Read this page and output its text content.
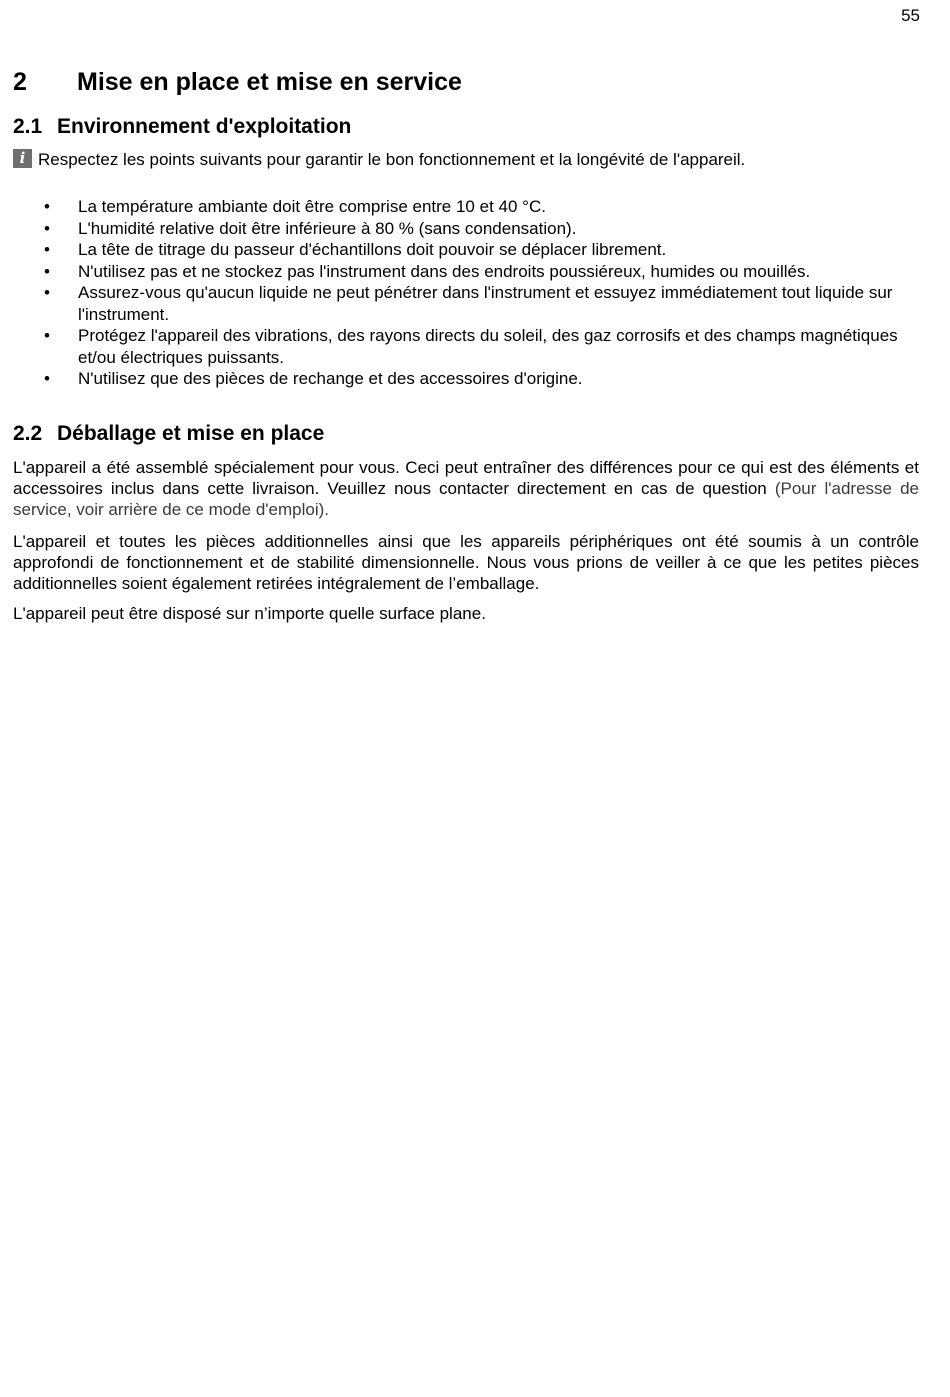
55
2 Mise en place et mise en service
2.1 Environnement d'exploitation
i Respectez les points suivants pour garantir le bon fonctionnement et la longévité de l'appareil.
• La température ambiante doit être comprise entre 10 et 40 °C.
• L'humidité relative doit être inférieure à 80 % (sans condensation).
• La tête de titrage du passeur d'échantillons doit pouvoir se déplacer librement.
• N'utilisez pas et ne stockez pas l'instrument dans des endroits poussiéreux, humides ou mouillés.
• Assurez-vous qu'aucun liquide ne peut pénétrer dans l'instrument et essuyez immédiatement tout liquide sur l'instrument.
• Protégez l'appareil des vibrations, des rayons directs du soleil, des gaz corrosifs et des champs magnétiques et/ou électriques puissants.
• N'utilisez que des pièces de rechange et des accessoires d'origine.
2.2 Déballage et mise en place

L'appareil a été assemblé spécialement pour vous. Ceci peut entraîner des différences pour ce qui est des éléments et accessoires inclus dans cette livraison. Veuillez nous contacter directement en cas de question (Pour l'adresse de service, voir arrière de ce mode d'emploi).

L'appareil et toutes les pièces additionnelles ainsi que les appareils périphériques ont été soumis à un contrôle approfondi de fonctionnement et de stabilité dimensionnelle. Nous vous prions de veiller à ce que les petites pièces additionnelles soient également retirées intégralement de l’emballage.

L'appareil peut être disposé sur n’importe quelle surface plane.
